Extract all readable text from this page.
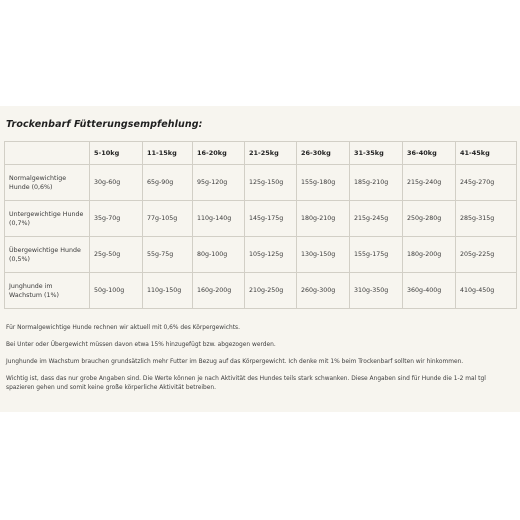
Trockenbarf Fütterungsempfehlung:
	5-10kg	11-15kg	16-20kg	21-25kg	26-30kg	31-35kg	36-40kg	41-45kg
Normalgewichtige Hunde (0,6%)	30g-60g	65g-90g	95g-120g	125g-150g	155g-180g	185g-210g	215g-240g	245g-270g
Untergewichtige Hunde (0,7%)	35g-70g	77g-105g	110g-140g	145g-175g	180g-210g	215g-245g	250g-280g	285g-315g
Übergewichtige Hunde (0,5%)	25g-50g	55g-75g	80g-100g	105g-125g	130g-150g	155g-175g	180g-200g	205g-225g
Junghunde im Wachstum (1%)	50g-100g	110g-150g	160g-200g	210g-250g	260g-300g	310g-350g	360g-400g	410g-450g

Für Normalgewichtige Hunde rechnen wir aktuell mit 0,6% des Körpergewichts.

Bei Unter oder Übergewicht müssen davon etwa 15% hinzugefügt bzw. abgezogen werden.

Junghunde im Wachstum brauchen grundsätzlich mehr Futter im Bezug auf das Körpergewicht. Ich denke mit 1% beim Trockenbarf sollten wir hinkommen.

Wichtig ist, dass das nur grobe Angaben sind. Die Werte können je nach Aktivität des Hundes teils stark schwanken. Diese Angaben sind für Hunde die 1-2 mal tgl spazieren gehen und somit keine große körperliche Aktivität betreiben.
